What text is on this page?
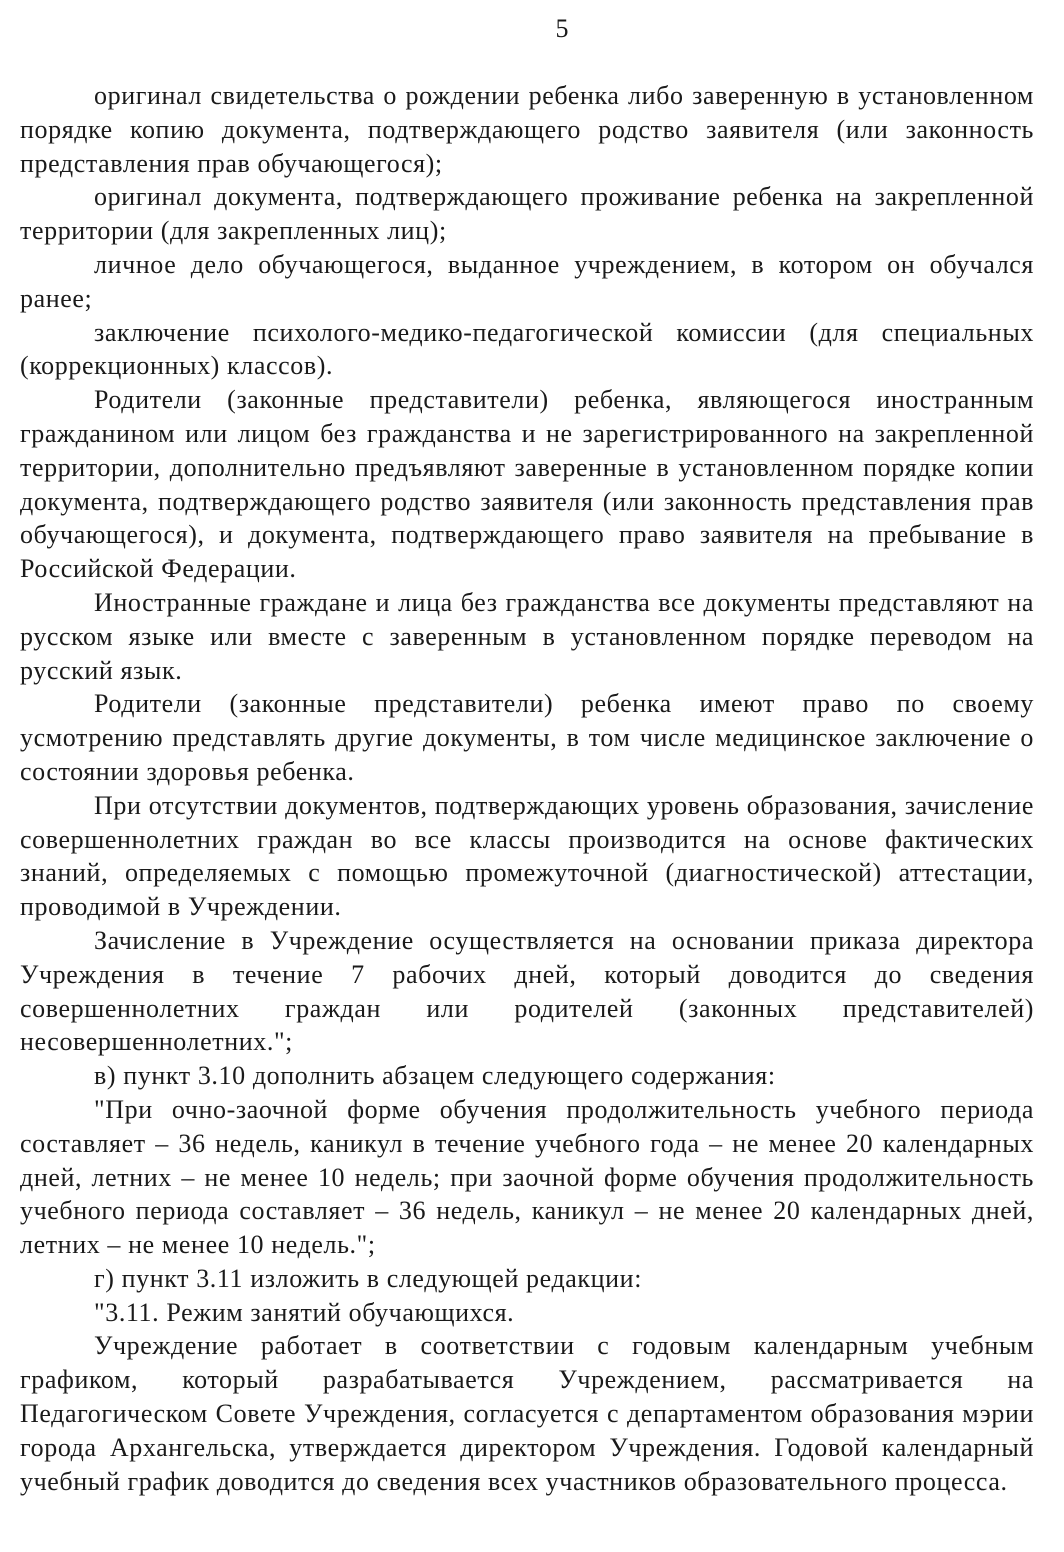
5

оригинал свидетельства о рождении ребенка либо заверенную в установленном порядке копию документа, подтверждающего родство заявителя (или законность представления прав обучающегося);

оригинал документа, подтверждающего проживание ребенка на закрепленной территории (для закрепленных лиц);

личное дело обучающегося, выданное учреждением, в котором он обучался ранее;

заключение психолого-медико-педагогической комиссии (для специальных (коррекционных) классов).

Родители (законные представители) ребенка, являющегося иностранным гражданином или лицом без гражданства и не зарегистрированного на закрепленной территории, дополнительно предъявляют заверенные в установленном порядке копии документа, подтверждающего родство заявителя (или законность представления прав обучающегося), и документа, подтверждающего право заявителя на пребывание в Российской Федерации.

Иностранные граждане и лица без гражданства все документы представляют на русском языке или вместе с заверенным в установленном порядке переводом на русский язык.

Родители (законные представители) ребенка имеют право по своему усмотрению представлять другие документы, в том числе медицинское заключение о состоянии здоровья ребенка.

При отсутствии документов, подтверждающих уровень образования, зачисление совершеннолетних граждан во все классы производится на основе фактических знаний, определяемых с помощью промежуточной (диагностической) аттестации, проводимой в Учреждении.

Зачисление в Учреждение осуществляется на основании приказа директора Учреждения в течение 7 рабочих дней, который доводится до сведения совершеннолетних граждан или родителей (законных представителей) несовершеннолетних.";

в) пункт 3.10 дополнить абзацем следующего содержания:

"При очно-заочной форме обучения продолжительность учебного периода составляет – 36 недель, каникул в течение учебного года – не менее 20 календарных дней, летних – не менее 10 недель; при заочной форме обучения продолжительность учебного периода составляет – 36 недель, каникул – не менее 20 календарных дней, летних – не менее 10 недель.";

г) пункт 3.11 изложить в следующей редакции:

"3.11. Режим занятий обучающихся.

Учреждение работает в соответствии с годовым календарным учебным графиком, который разрабатывается Учреждением, рассматривается на Педагогическом Совете Учреждения, согласуется с департаментом образования мэрии города Архангельска, утверждается директором Учреждения. Годовой календарный учебный график доводится до сведения всех участников образовательного процесса.
